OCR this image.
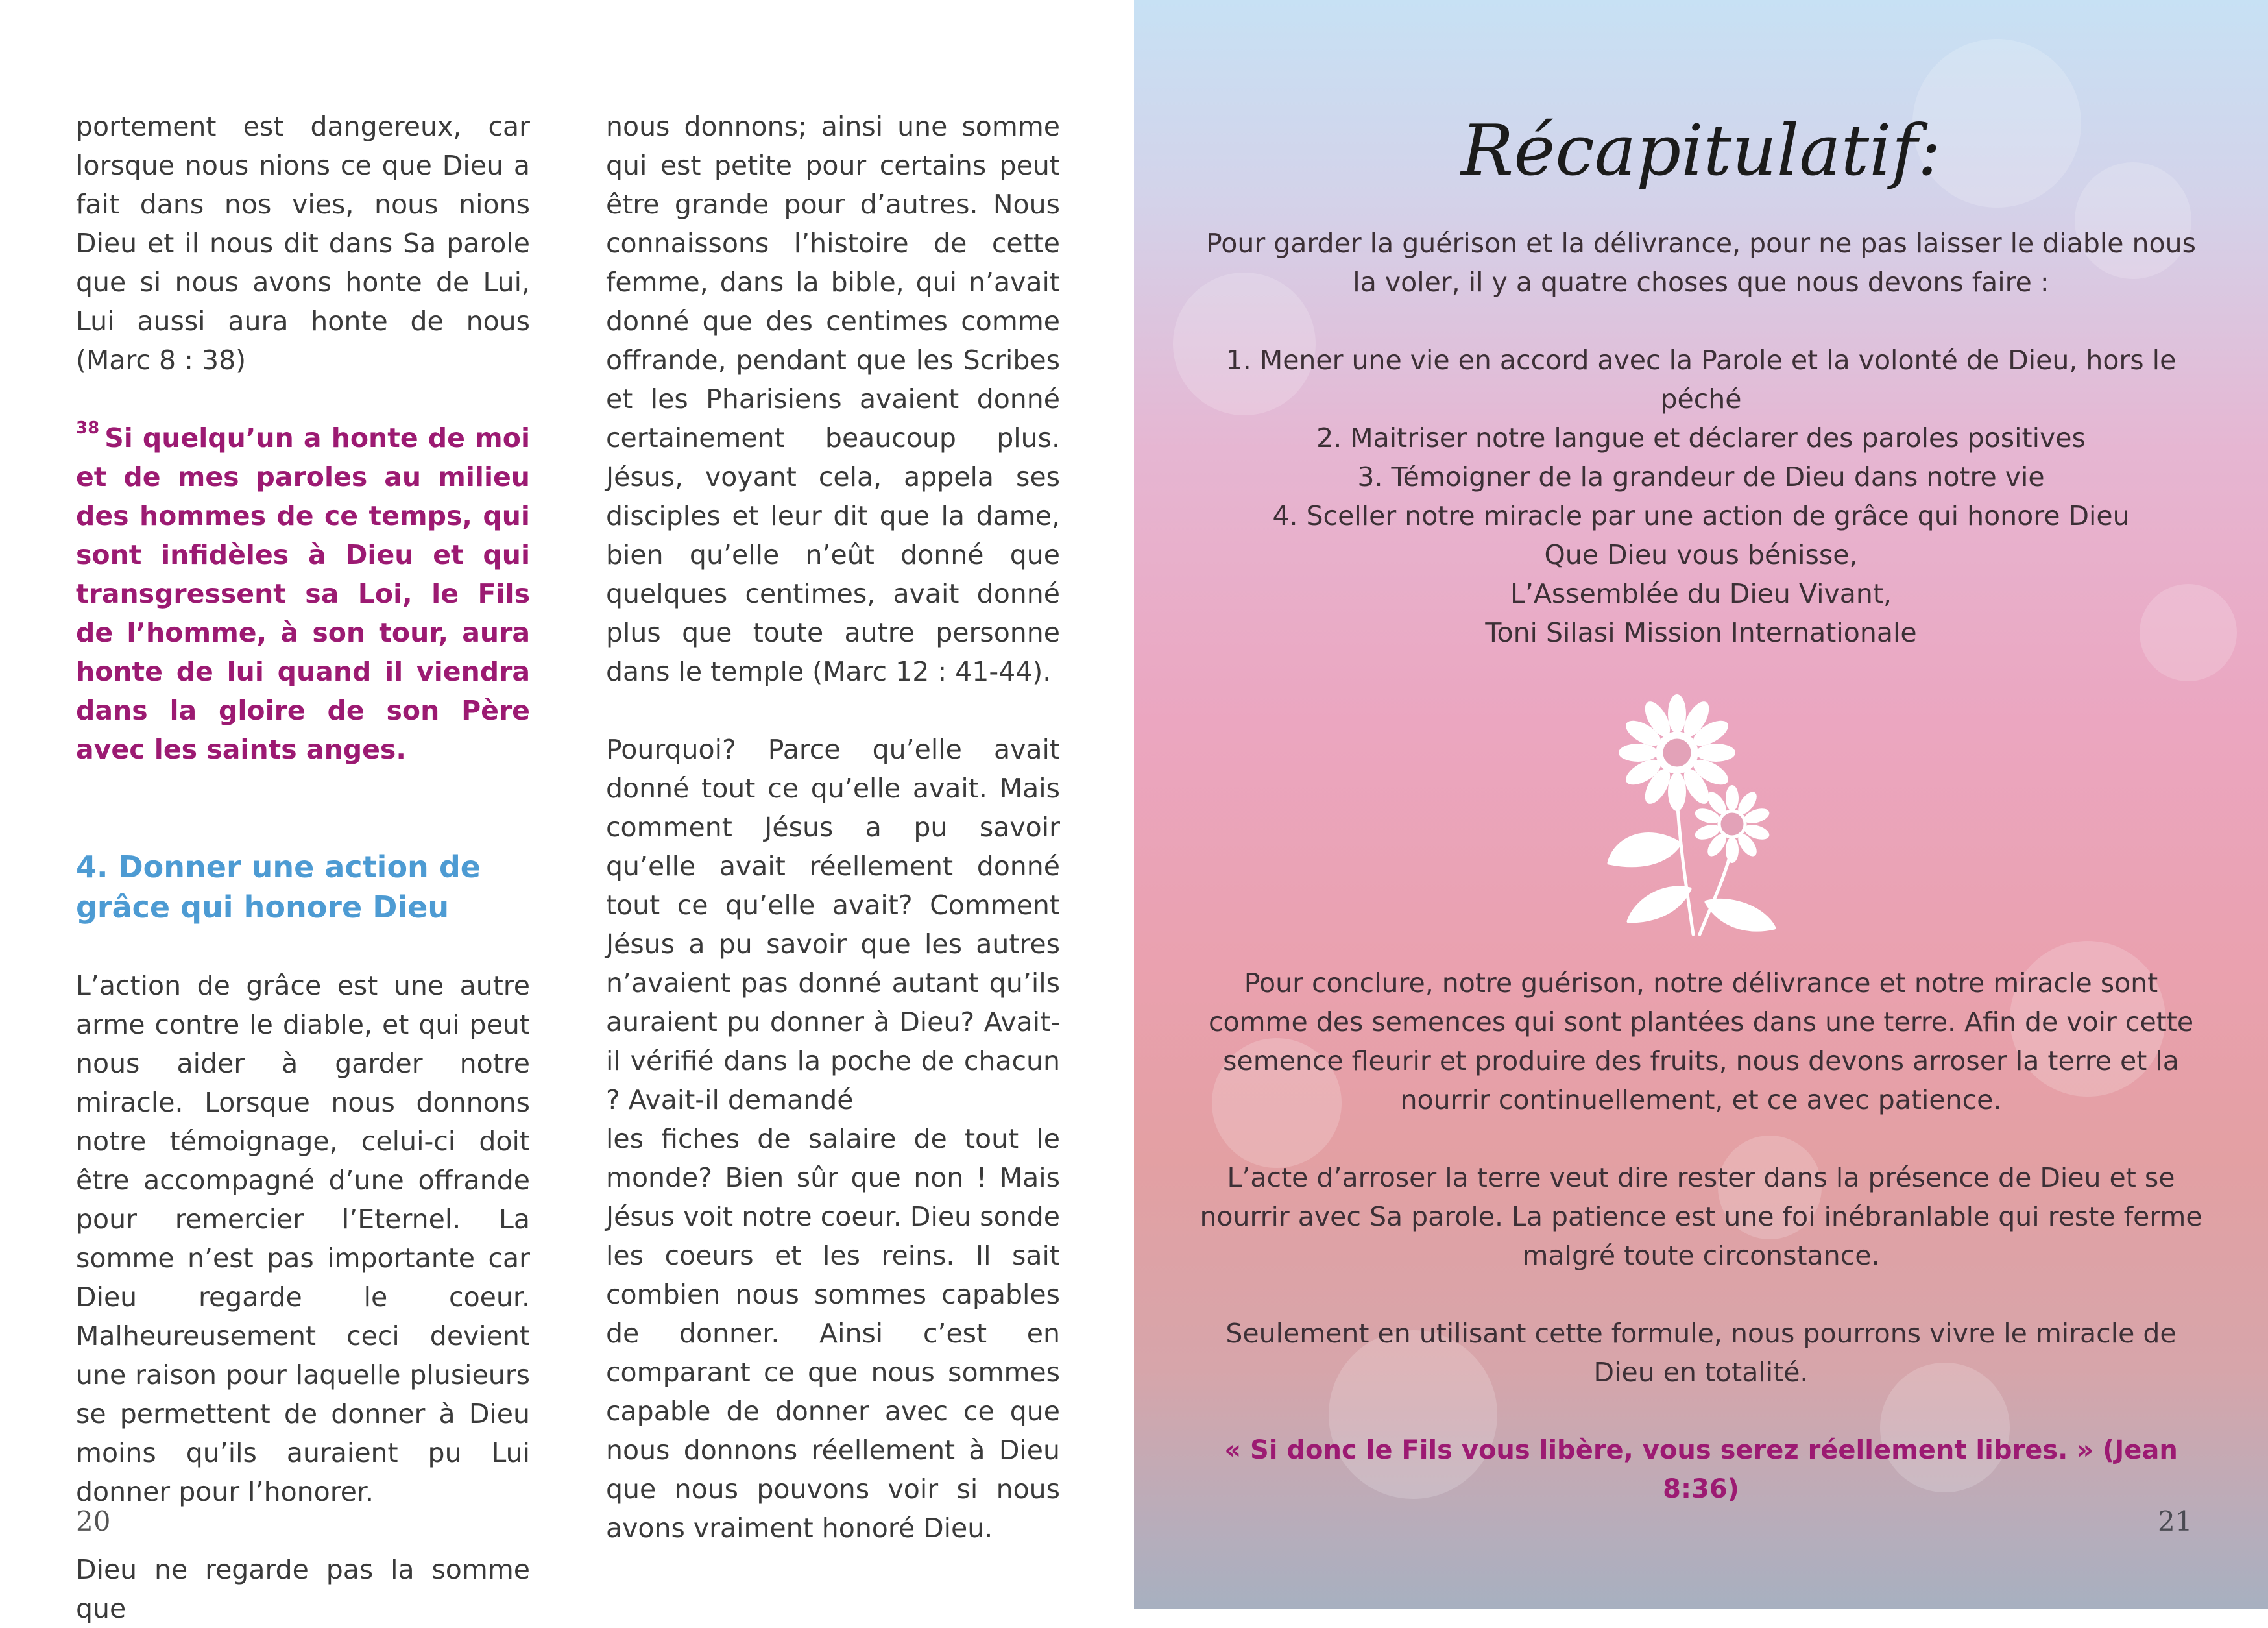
portement est dangereux, car lorsque nous nions ce que Dieu a fait dans nos vies, nous nions Dieu et il nous dit dans Sa parole que si nous avons honte de Lui, Lui aussi aura honte de nous (Marc 8 : 38)

$^{38}$ Si quelqu’un a honte de moi et de mes paroles au milieu des hommes de ce temps, qui sont infidèles à Dieu et qui transgressent sa Loi, le Fils de l’homme, à son tour, aura honte de lui quand il viendra dans la gloire de son Père avec les saints anges.

4. Donner une action de grâce qui honore Dieu

L’action de grâce est une autre arme contre le diable, et qui peut nous aider à garder notre miracle. Lorsque nous donnons notre témoignage, celui-ci doit être accompagné d’une offrande pour remercier l’Eternel. La somme n’est pas importante car Dieu regarde le coeur. Malheureusement ceci devient une raison pour laquelle plusieurs se permettent de donner à Dieu moins qu’ils auraient pu Lui donner pour l’honorer.

Dieu ne regarde pas la somme que

nous donnons; ainsi une somme qui est petite pour certains peut être grande pour d’autres. Nous connaissons l’histoire de cette femme, dans la bible, qui n’avait donné que des centimes comme offrande, pendant que les Scribes et les Pharisiens avaient donné certainement beaucoup plus. Jésus, voyant cela, appela ses disciples et leur dit que la dame, bien qu’elle n’eût donné que quelques centimes, avait donné plus que toute autre personne dans le temple (Marc 12 : 41-44).

Pourquoi? Parce qu’elle avait donné tout ce qu’elle avait. Mais comment Jésus a pu savoir qu’elle avait réellement donné tout ce qu’elle avait? Comment Jésus a pu savoir que les autres n’avaient pas donné autant qu’ils auraient pu donner à Dieu? Avait-il vérifié dans la poche de chacun ? Avait-il demandé

les fiches de salaire de tout le monde? Bien sûr que non ! Mais Jésus voit notre coeur. Dieu sonde les coeurs et les reins. Il sait combien nous sommes capables de donner. Ainsi c’est en comparant ce que nous sommes capable de donner avec ce que nous donnons réellement à Dieu que nous pouvons voir si nous avons vraiment honoré Dieu.

20
Récapitulatif:

Pour garder la guérison et la délivrance, pour ne pas laisser le diable nous la voler, il y a quatre choses que nous devons faire :

1. Mener une vie en accord avec la Parole et la volonté de Dieu, hors le péché

2. Maitriser notre langue et déclarer des paroles positives

3. Témoigner de la grandeur de Dieu dans notre vie

4. Sceller notre miracle par une action de grâce qui honore Dieu

Que Dieu vous bénisse,

L’Assemblée du Dieu Vivant,

Toni Silasi Mission Internationale

Pour conclure, notre guérison, notre délivrance et notre miracle sont comme des semences qui sont plantées dans une terre. Afin de voir cette semence fleurir et produire des fruits, nous devons arroser la terre et la nourrir continuellement, et ce avec patience.

L’acte d’arroser la terre veut dire rester dans la présence de Dieu et se nourrir avec Sa parole. La patience est une foi inébranlable qui reste ferme malgré toute circonstance.

Seulement en utilisant cette formule, nous pourrons vivre le miracle de Dieu en totalité.

« Si donc le Fils vous libère, vous serez réellement libres. » (Jean 8:36)

21
